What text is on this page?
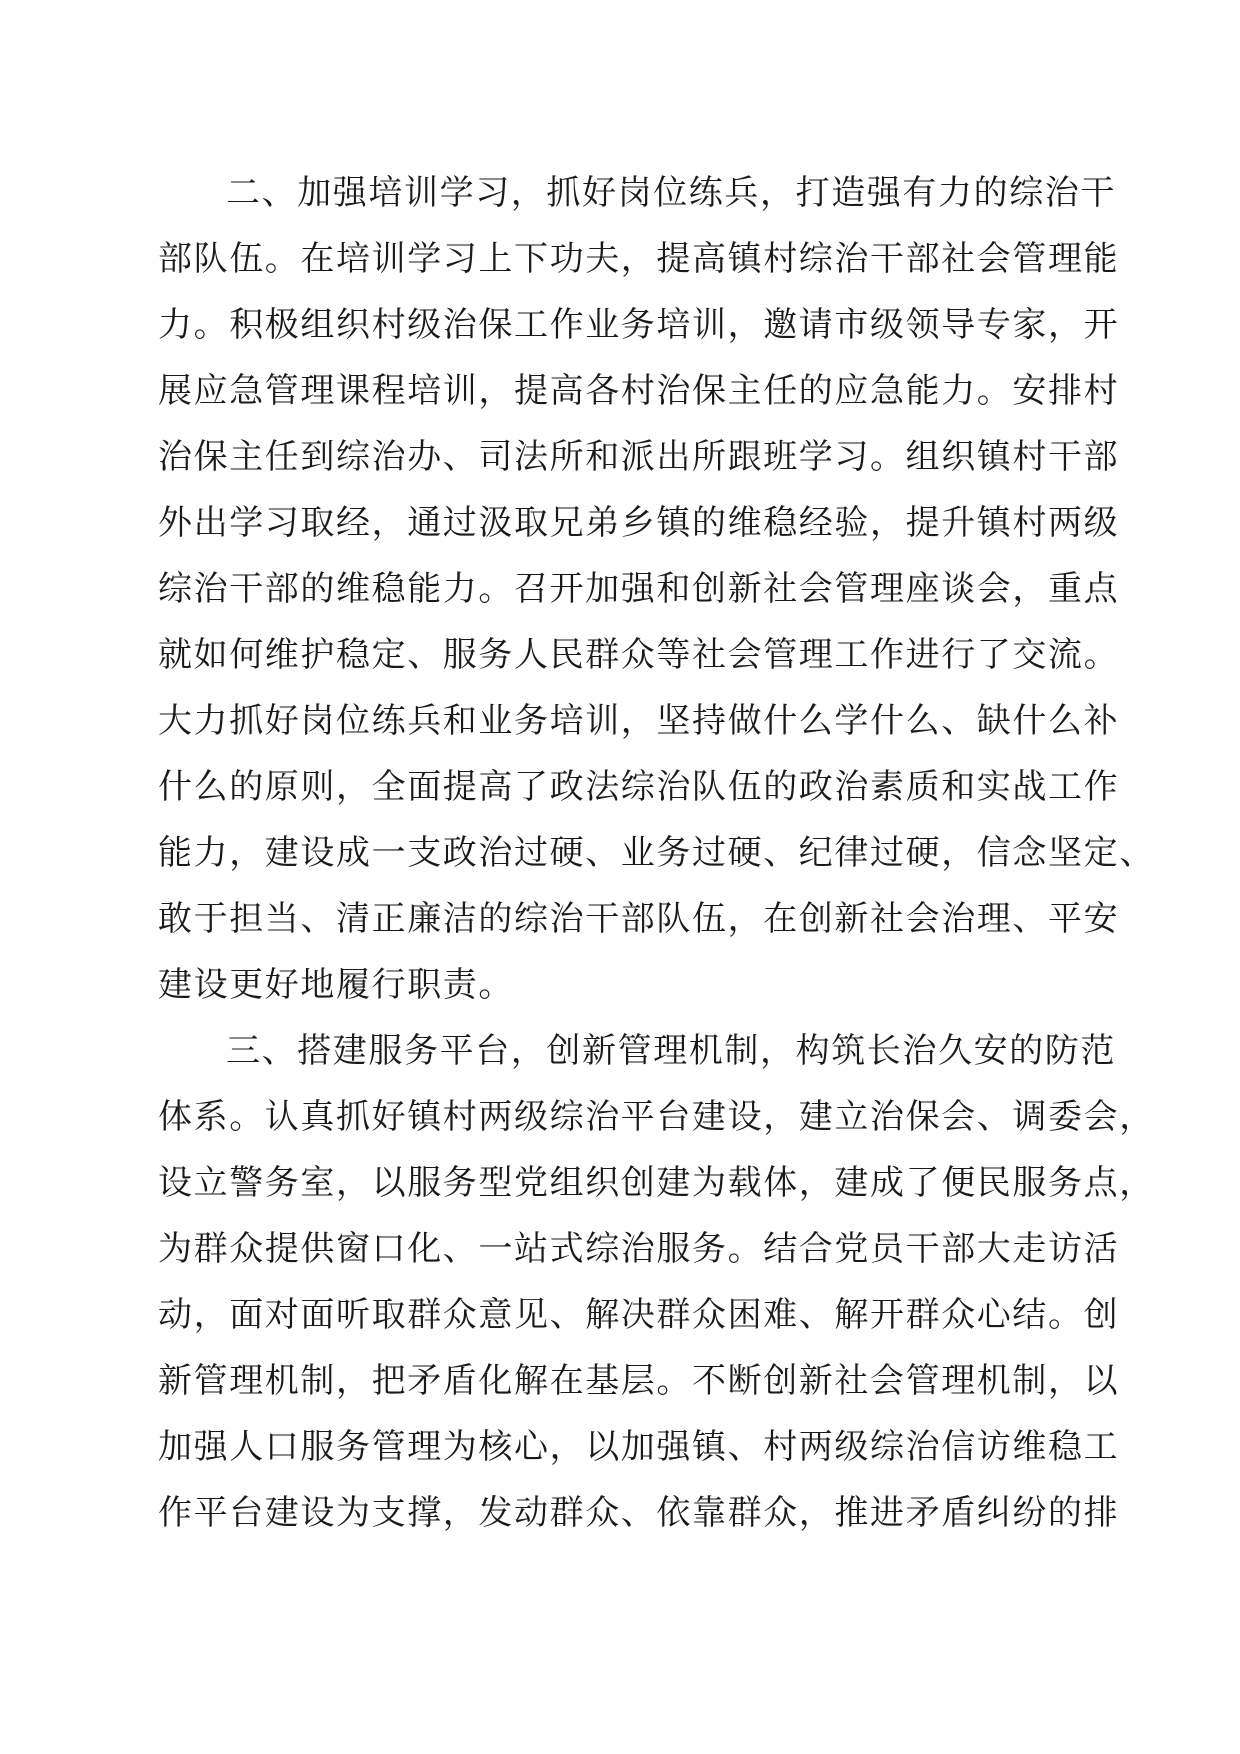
二、加强培训学习，抓好岗位练兵，打造强有力的综治干

部队伍。在培训学习上下功夫，提高镇村综治干部社会管理能

力。积极组织村级治保工作业务培训，邀请市级领导专家，开

展应急管理课程培训，提高各村治保主任的应急能力。安排村

治保主任到综治办、司法所和派出所跟班学习。组织镇村干部

外出学习取经，通过汲取兄弟乡镇的维稳经验，提升镇村两级

综治干部的维稳能力。召开加强和创新社会管理座谈会，重点

就如何维护稳定、服务人民群众等社会管理工作进行了交流。

大力抓好岗位练兵和业务培训，坚持做什么学什么、缺什么补

什么的原则，全面提高了政法综治队伍的政治素质和实战工作

能力，建设成一支政治过硬、业务过硬、纪律过硬，信念坚定、

敢于担当、清正廉洁的综治干部队伍，在创新社会治理、平安

建设更好地履行职责。

三、搭建服务平台，创新管理机制，构筑长治久安的防范

体系。认真抓好镇村两级综治平台建设，建立治保会、调委会，

设立警务室，以服务型党组织创建为载体，建成了便民服务点，

为群众提供窗口化、一站式综治服务。结合党员干部大走访活

动，面对面听取群众意见、解决群众困难、解开群众心结。创

新管理机制，把矛盾化解在基层。不断创新社会管理机制，以

加强人口服务管理为核心，以加强镇、村两级综治信访维稳工

作平台建设为支撑，发动群众、依靠群众，推进矛盾纠纷的排
